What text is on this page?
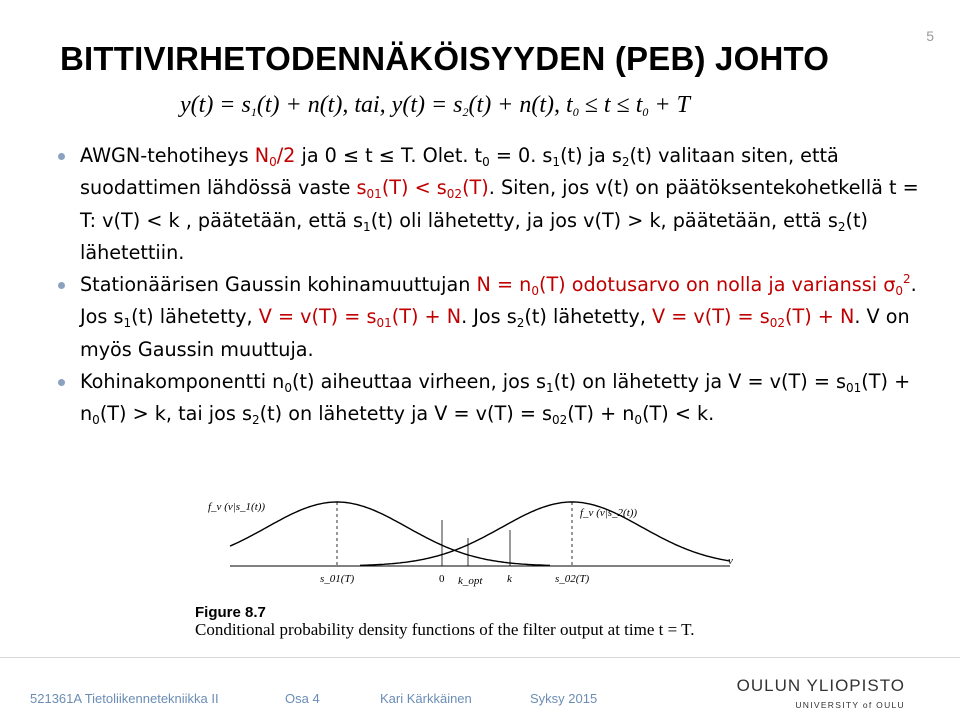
BITTIVIRHETODENNÄKÖISYYDEN (PEB) JOHTO
5
$y(t) = s_1(t) + n(t)$, tai, $y(t) = s_2(t) + n(t)$, $t_0 \le t \le t_0 + T$

AWGN-tehotiheys $N_0/2$ ja 0 ≤ t ≤ T. Olet. $t_0 = 0$. $s_1(t)$ ja $s_2(t)$ valitaan siten, että suodattimen lähdössä vaste $s_{01}(T) < s_{02}(T)$. Siten, jos v(t) on päätöksentekohetkellä t = T: v(T) < k , päätetään, että $s_1(t)$ oli lähetetty, ja jos v(T) > k, päätetään, että $s_2(t)$ lähetettiin.

Stationäärisen Gaussin kohinamuuttujan $N = n_0(T)$ odotusarvo on nolla ja varianssi $\sigma_0^2$. Jos $s_1(t)$ lähetetty, $V = v(T) = s_{01}(T) + N$. Jos $s_2(t)$ lähetetty, $V = v(T) = s_{02}(T) + N$. V on myös Gaussin muuttuja.

Kohinakomponentti $n_0(t)$ aiheuttaa virheen, jos $s_1(t)$ on lähetetty ja $V = v(T) = s_{01}(T) + n_0(T) > k$, tai jos $s_2(t)$ on lähetetty ja $V = v(T) = s_{02}(T) + n_0(T) < k$.

f_v (v|s_1(t))	f_v (v|s_2(t))
s_01(T)	0 k_opt k	s_02(T)
v
Figure 8.7
Conditional probability density functions of the filter output at time t = T.
521361A Tietoliikennetekniikka II	Osa 4	Kari Kärkkäinen	Syksy 2015
OULUN YLIOPISTO
UNIVERSITY of OULU
